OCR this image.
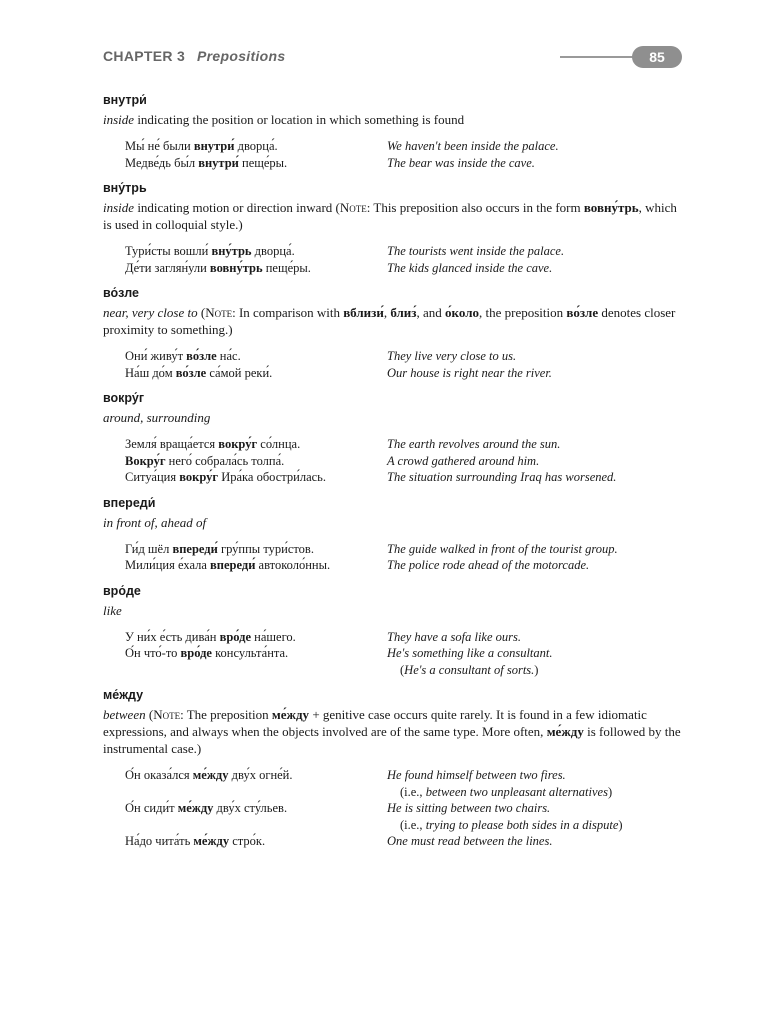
CHAPTER 3 Prepositions	85
внутри́
inside indicating the position or location in which something is found
Мы́ не́ были внутри́ дворца́.	We haven't been inside the palace.
Медве́дь бы́л внутри́ пеще́ры.	The bear was inside the cave.
вну́трь
inside indicating motion or direction inward (Note: This preposition also occurs in the form вовну́трь, which is used in colloquial style.)
Тури́сты вошли́ вну́трь дворца́.	The tourists went inside the palace.
Де́ти заглян́ули вовну́трь пеще́ры.	The kids glanced inside the cave.
во́зле
near, very close to (Note: In comparison with вблизи́, близ́, and о́коло, the preposition во́зле denotes closer proximity to something.)
Они́ живу́т во́зле на́с.	They live very close to us.
На́ш до́м во́зле са́мой реки́.	Our house is right near the river.
вокру́г
around, surrounding
Земля́ враща́ется вокру́г со́лнца.	The earth revolves around the sun.
Вокру́г него́ собрала́сь толпа́.	A crowd gathered around him.
Ситуа́ция вокру́г Ира́ка обостри́лась.	The situation surrounding Iraq has worsened.
впереди́
in front of, ahead of
Ги́д шёл впереди́ гру́ппы тури́стов.	The guide walked in front of the tourist group.
Мили́ция е́хала впереди́ автоколо́нны.	The police rode ahead of the motorcade.
вро́де
like
У ни́х е́сть дива́н вро́де на́шего.	They have a sofa like ours.
О́н что́-то вро́де консульта́нта.	He's something like a consultant.
(He's a consultant of sorts.)
ме́жду
between (Note: The preposition ме́жду + genitive case occurs quite rarely. It is found in a few idiomatic expressions, and always when the objects involved are of the same type. More often, ме́жду is followed by the instrumental case.)
О́н оказа́лся ме́жду дву́х огне́й.	He found himself between two fires.
(i.e., between two unpleasant alternatives)
О́н сиди́т ме́жду дву́х сту́льев.	He is sitting between two chairs.
(i.e., trying to please both sides in a dispute)
На́до чита́ть ме́жду стро́к.	One must read between the lines.
